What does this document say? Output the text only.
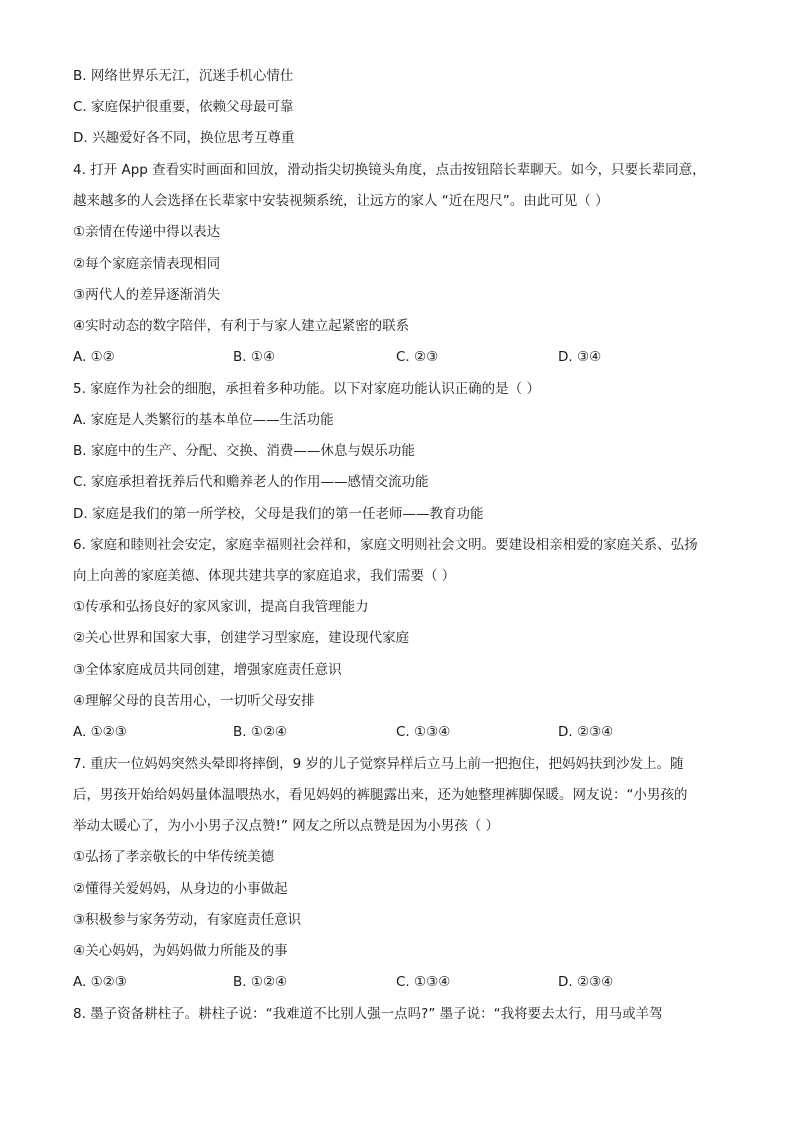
B. 网络世界乐无江，沉迷手机心情仕
C. 家庭保护很重要，依赖父母最可靠
D. 兴趣爱好各不同，换位思考互尊重
4. 打开 App 查看实时画面和回放，滑动指尖切换镜头角度，点击按钮陪长辈聊天。如今，只要长辈同意，
越来越多的人会选择在长辈家中安装视频系统，让远方的家人 “近在咫尺”。由此可见（ ）
①亲情在传递中得以表达
②每个家庭亲情表现相同
③两代人的差异逐渐消失
④实时动态的数字陪伴，有利于与家人建立起紧密的联系
A. ①②	B. ①④	C. ②③	D. ③④
5. 家庭作为社会的细胞，承担着多种功能。以下对家庭功能认识正确的是（ ）
A. 家庭是人类繁衍的基本单位——生活功能
B. 家庭中的生产、分配、交换、消费——休息与娱乐功能
C. 家庭承担着抚养后代和赡养老人的作用——感情交流功能
D. 家庭是我们的第一所学校，父母是我们的第一任老师——教育功能
6. 家庭和睦则社会安定，家庭幸福则社会祥和，家庭文明则社会文明。要建设相亲相爱的家庭关系、弘扬
向上向善的家庭美德、体现共建共享的家庭追求，我们需要（ ）
①传承和弘扬良好的家风家训，提高自我管理能力
②关心世界和国家大事，创建学习型家庭，建设现代家庭
③全体家庭成员共同创建，增强家庭责任意识
④理解父母的良苦用心，一切听父母安排
A. ①②③	B. ①②④	C. ①③④	D. ②③④
7. 重庆一位妈妈突然头晕即将摔倒，9 岁的儿子觉察异样后立马上前一把抱住，把妈妈扶到沙发上。随
后，男孩开始给妈妈量体温喂热水，看见妈妈的裤腿露出来，还为她整理裤脚保暖。网友说：“小男孩的
举动太暖心了，为小小男子汉点赞!” 网友之所以点赞是因为小男孩（ ）
①弘扬了孝亲敬长的中华传统美德
②懂得关爱妈妈，从身边的小事做起
③积极参与家务劳动，有家庭责任意识
④关心妈妈，为妈妈做力所能及的事
A. ①②③	B. ①②④	C. ①③④	D. ②③④
8. 墨子资备耕柱子。耕柱子说：“我难道不比别人强一点吗?” 墨子说：“我将要去太行，用马或羊驾
